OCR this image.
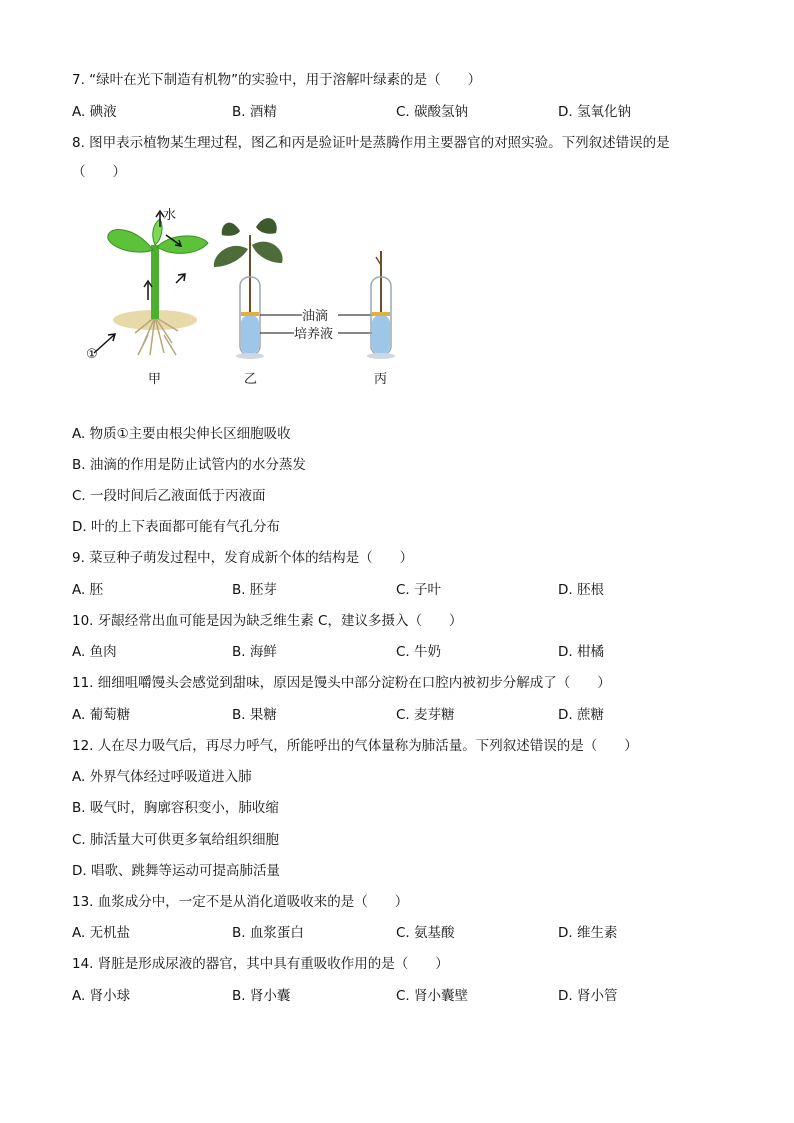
7. “绿叶在光下制造有机物”的实验中，用于溶解叶绿素的是（　　）
A. 碘液	B. 酒精	C. 碳酸氢钠	D. 氢氧化钠
8. 图甲表示植物某生理过程，图乙和丙是验证叶是蒸腾作用主要器官的对照实验。下列叙述错误的是
（　　）
水
①
甲	乙
油滴
培养液
丙
A. 物质①主要由根尖伸长区细胞吸收
B. 油滴的作用是防止试管内的水分蒸发
C. 一段时间后乙液面低于丙液面
D. 叶的上下表面都可能有气孔分布
9. 菜豆种子萌发过程中，发育成新个体的结构是（　　）
A. 胚	B. 胚芽	C. 子叶	D. 胚根
10. 牙龈经常出血可能是因为缺乏维生素 C，建议多摄入（　　）
A. 鱼肉	B. 海鲜	C. 牛奶	D. 柑橘
11. 细细咀嚼馒头会感觉到甜味，原因是馒头中部分淀粉在口腔内被初步分解成了（　　）
A. 葡萄糖	B. 果糖	C. 麦芽糖	D. 蔗糖
12. 人在尽力吸气后，再尽力呼气，所能呼出的气体量称为肺活量。下列叙述错误的是（　　）
A. 外界气体经过呼吸道进入肺
B. 吸气时，胸廓容积变小，肺收缩
C. 肺活量大可供更多氧给组织细胞
D. 唱歌、跳舞等运动可提高肺活量
13. 血浆成分中，一定不是从消化道吸收来的是（　　）
A. 无机盐	B. 血浆蛋白	C. 氨基酸	D. 维生素
14. 肾脏是形成尿液的器官，其中具有重吸收作用的是（　　）
A. 肾小球	B. 肾小囊	C. 肾小囊壁	D. 肾小管
